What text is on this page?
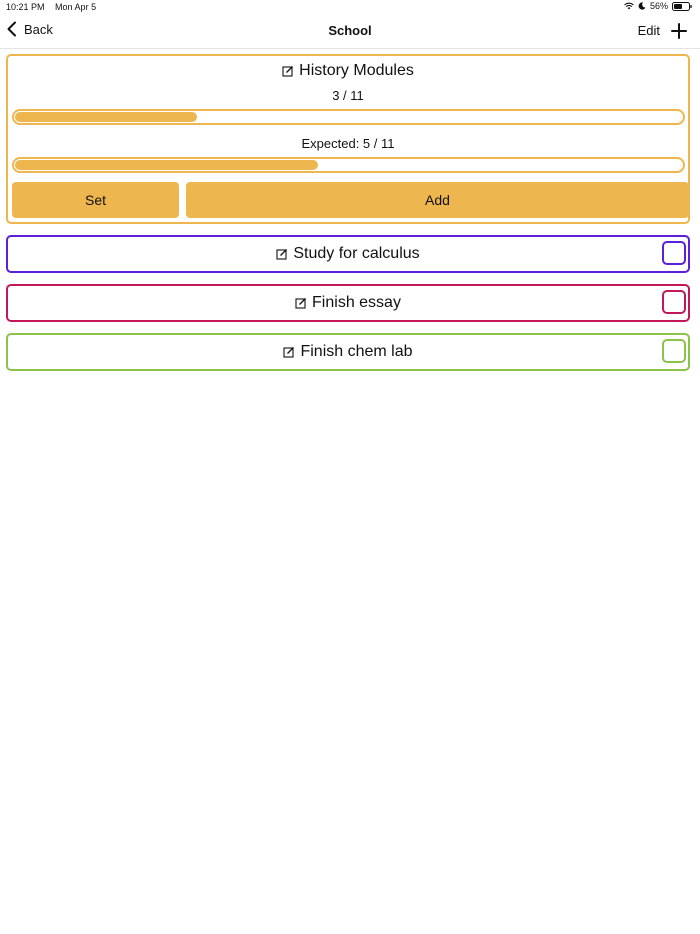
10:21 PM Mon Apr 5	56%
Back	School	Edit
History Modules
3 / 11
Expected: 5 / 11
Set	Add
Study for calculus
Finish essay
Finish chem lab
